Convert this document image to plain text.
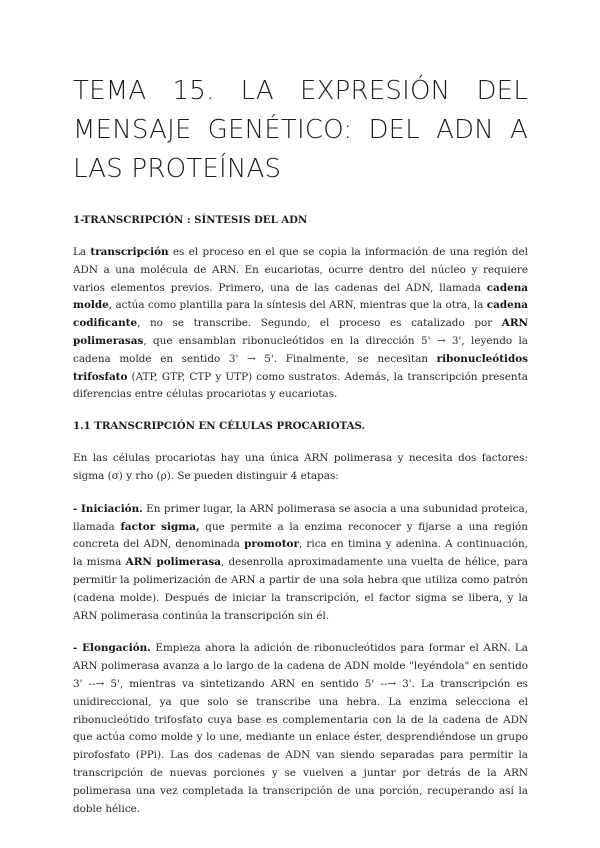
TEMA 15. LA EXPRESIÓN DEL MENSAJE GENÉTICO: DEL ADN A LAS PROTEÍNAS
1-TRANSCRIPCIÓN : SÍNTESIS DEL ADN

La transcripción es el proceso en el que se copia la información de una región del ADN a una molécula de ARN. En eucariotas, ocurre dentro del núcleo y requiere varios elementos previos. Primero, una de las cadenas del ADN, llamada cadena molde, actúa como plantilla para la síntesis del ARN, mientras que la otra, la cadena codificante, no se transcribe. Segundo, el proceso es catalizado por ARN polimerasas, que ensamblan ribonucleótidos en la dirección 5' → 3', leyendo la cadena molde en sentido 3' → 5'. Finalmente, se necesitan ribonucleótidos trifosfato (ATP, GTP, CTP y UTP) como sustratos. Además, la transcripción presenta diferencias entre células procariotas y eucariotas.

1.1 TRANSCRIPCIÓN EN CÉLULAS PROCARIOTAS.

En las células procariotas hay una única ARN polimerasa y necesita dos factores: sigma (σ) y rho (ρ). Se pueden distinguir 4 etapas:

- Iniciación. En primer lugar, la ARN polimerasa se asocia a una subunidad proteica, llamada factor sigma, que permite a la enzima reconocer y fijarse a una región concreta del ADN, denominada promotor, rica en timina y adenina. A continuación, la misma ARN polimerasa, desenrolla aproximadamente una vuelta de hélice, para permitir la polimerización de ARN a partir de una sola hebra que utiliza como patrón (cadena molde). Después de iniciar la transcripción, el factor sigma se libera, y la ARN polimerasa continúa la transcripción sin él.

- Elongación. Empieza ahora la adición de ribonucleótidos para formar el ARN. La ARN polimerasa avanza a lo largo de la cadena de ADN molde "leyéndola" en sentido 3' --→ 5', mientras va sintetizando ARN en sentido 5' --→ 3'. La transcripción es unidireccional, ya que solo se transcribe una hebra. La enzima selecciona el ribonucleótido trifosfato cuya base es complementaria con la de la cadena de ADN que actúa como molde y lo une, mediante un enlace éster, desprendiéndose un grupo pirofosfato (PPi). Las dos cadenas de ADN van siendo separadas para permitir la transcripción de nuevas porciones y se vuelven a juntar por detrás de la ARN polimerasa una vez completada la transcripción de una porción, recuperando así la doble hélice.
